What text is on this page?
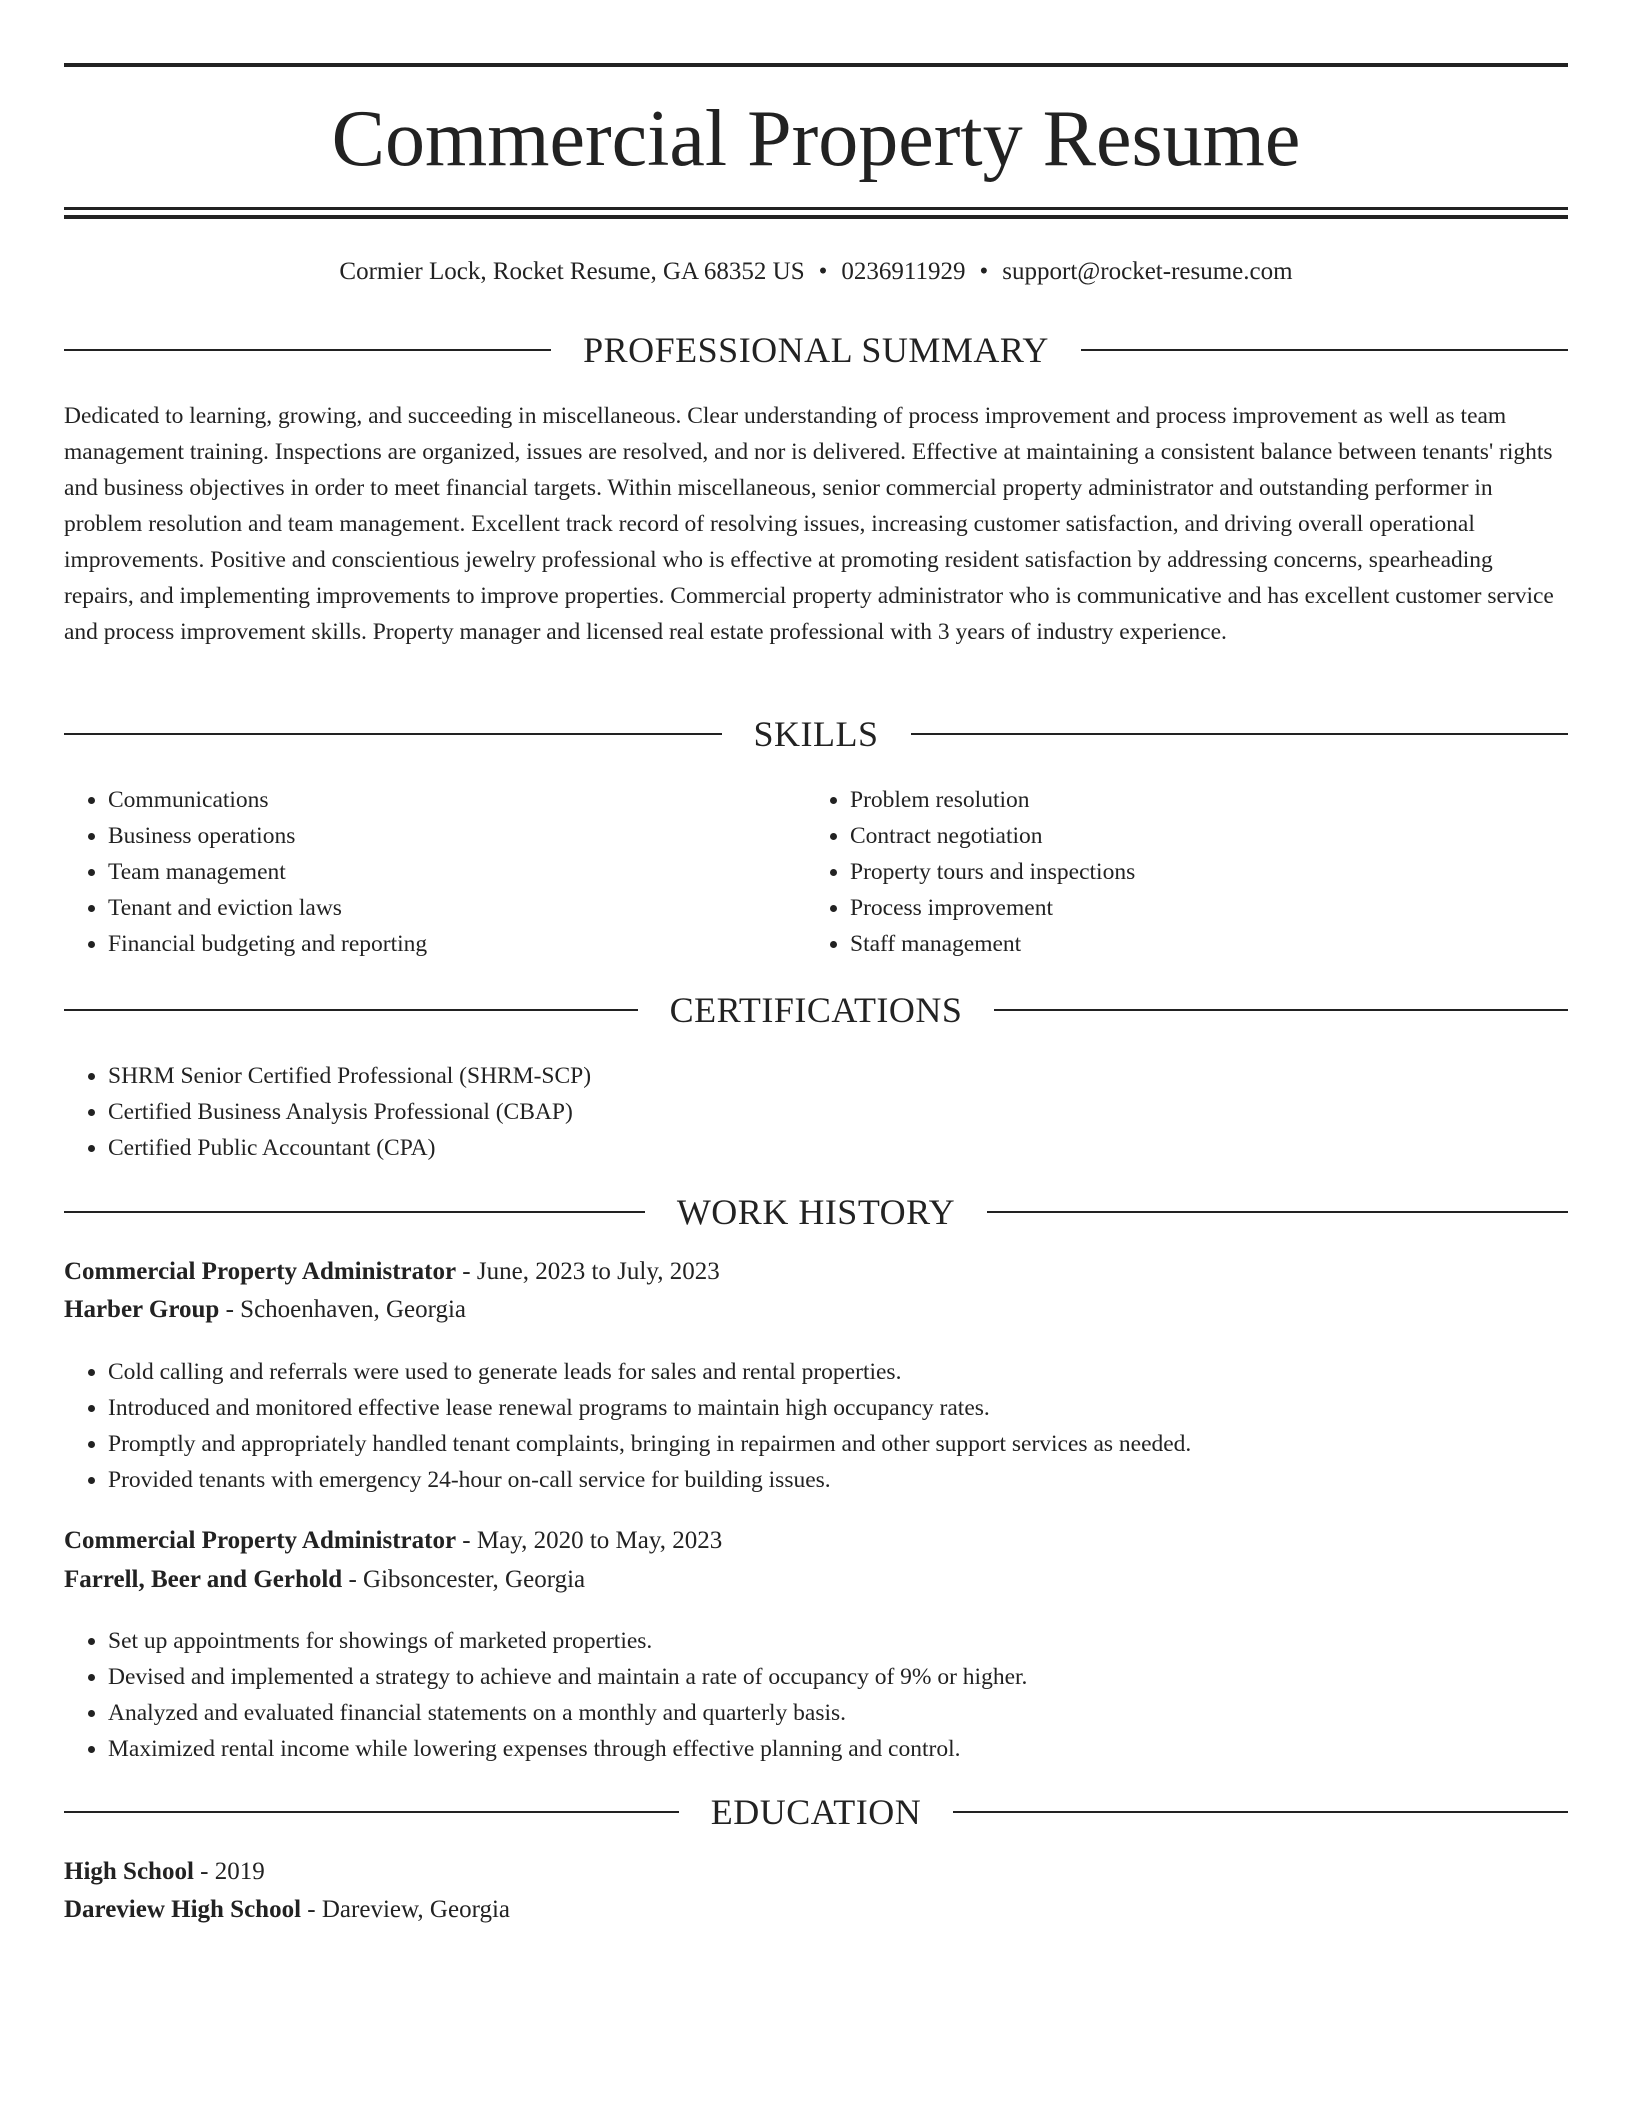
Commercial Property Resume
Cormier Lock, Rocket Resume, GA 68352 US • 0236911929 • support@rocket-resume.com
PROFESSIONAL SUMMARY

Dedicated to learning, growing, and succeeding in miscellaneous. Clear understanding of process improvement and process improvement as well as team management training. Inspections are organized, issues are resolved, and nor is delivered. Effective at maintaining a consistent balance between tenants' rights and business objectives in order to meet financial targets. Within miscellaneous, senior commercial property administrator and outstanding performer in problem resolution and team management. Excellent track record of resolving issues, increasing customer satisfaction, and driving overall operational improvements. Positive and conscientious jewelry professional who is effective at promoting resident satisfaction by addressing concerns, spearheading repairs, and implementing improvements to improve properties. Commercial property administrator who is communicative and has excellent customer service and process improvement skills. Property manager and licensed real estate professional with 3 years of industry experience.

SKILLS
• Communications
• Business operations
• Team management
• Tenant and eviction laws
• Financial budgeting and reporting
• Problem resolution
• Contract negotiation
• Property tours and inspections
• Process improvement
• Staff management
CERTIFICATIONS
• SHRM Senior Certified Professional (SHRM-SCP)
• Certified Business Analysis Professional (CBAP)
• Certified Public Accountant (CPA)
WORK HISTORY
Commercial Property Administrator - June, 2023 to July, 2023
Harber Group - Schoenhaven, Georgia
• Cold calling and referrals were used to generate leads for sales and rental properties.
• Introduced and monitored effective lease renewal programs to maintain high occupancy rates.
• Promptly and appropriately handled tenant complaints, bringing in repairmen and other support services as needed.
• Provided tenants with emergency 24-hour on-call service for building issues.
Commercial Property Administrator - May, 2020 to May, 2023
Farrell, Beer and Gerhold - Gibsoncester, Georgia
• Set up appointments for showings of marketed properties.
• Devised and implemented a strategy to achieve and maintain a rate of occupancy of 9% or higher.
• Analyzed and evaluated financial statements on a monthly and quarterly basis.
• Maximized rental income while lowering expenses through effective planning and control.
EDUCATION
High School - 2019
Dareview High School - Dareview, Georgia
